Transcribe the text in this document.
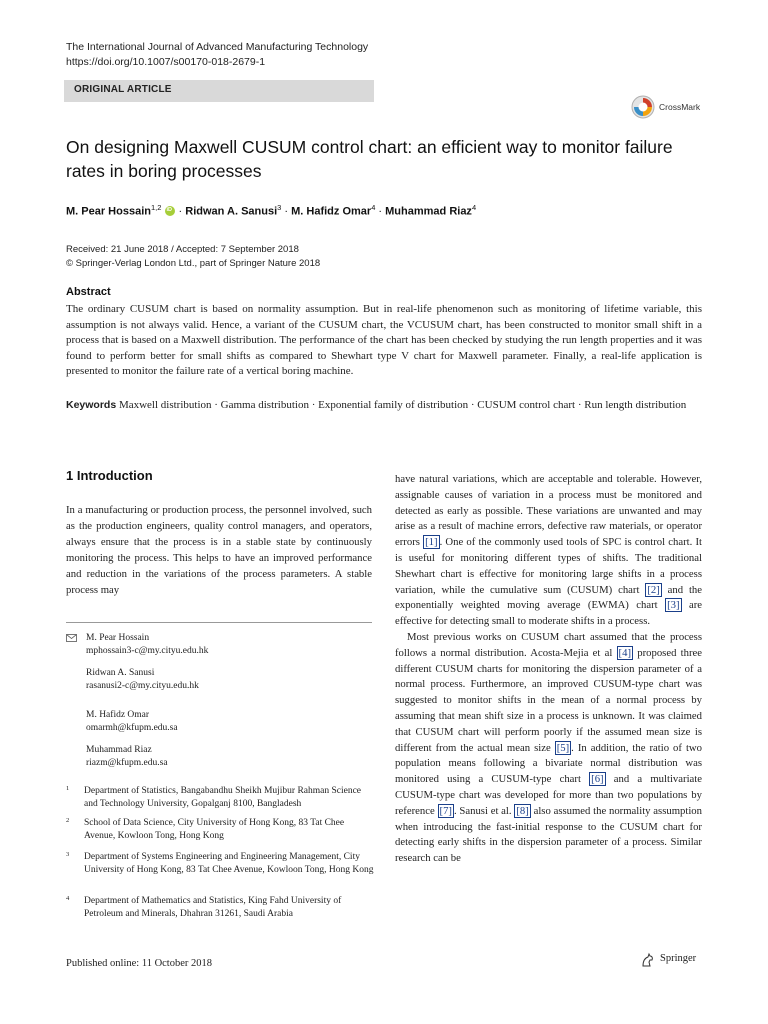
The International Journal of Advanced Manufacturing Technology
https://doi.org/10.1007/s00170-018-2679-1
ORIGINAL ARTICLE
CrossMark
On designing Maxwell CUSUM control chart: an efficient way to monitor failure rates in boring processes
M. Pear Hossain$^{1,2}$ iD · Ridwan A. Sanusi$^3$ · M. Hafidz Omar$^4$ · Muhammad Riaz$^4$
Received: 21 June 2018 / Accepted: 7 September 2018
© Springer-Verlag London Ltd., part of Springer Nature 2018
Abstract
The ordinary CUSUM chart is based on normality assumption. But in real-life phenomenon such as monitoring of lifetime variable, this assumption is not always valid. Hence, a variant of the CUSUM chart, the VCUSUM chart, has been constructed to monitor small shift in a process that is based on a Maxwell distribution. The performance of the chart has been checked by studying the run length properties and it was found to perform better for small shifts as compared to Shewhart type V chart for Maxwell parameter. Finally, a real-life application is presented to monitor the failure rate of a vertical boring machine.
Keywords Maxwell distribution · Gamma distribution · Exponential family of distribution · CUSUM control chart · Run length distribution
1 Introduction

In a manufacturing or production process, the personnel involved, such as the production engineers, quality control managers, and operators, always ensure that the process is in a stable state by continuously monitoring the process. This helps to have an improved performance and reduction in the variations of the process parameters. A stable process may

have natural variations, which are acceptable and tolerable. However, assignable causes of variation in a process must be monitored and detected as early as possible. These variations are unwanted and may arise as a result of machine errors, defective raw materials, or operator errors [1] . One of the commonly used tools of SPC is control chart. It is useful for monitoring different types of shifts. The traditional Shewhart chart is effective for monitoring large shifts in a process variation, while the cumulative sum (CUSUM) chart [2] and the exponentially weighted moving average (EWMA) chart [3] are effective for detecting small to moderate shifts in a process.

Most previous works on CUSUM chart assumed that the process follows a normal distribution. Acosta-Mejia et al [4] proposed three different CUSUM charts for monitoring the dispersion parameter of a normal process. Furthermore, an improved CUSUM-type chart was suggested to monitor shifts in the mean of a normal process by assuming that mean shift size in a process is unknown. It was claimed that CUSUM chart will perform poorly if the assumed mean size is different from the actual mean size [5] . In addition, the ratio of two population means following a bivariate normal distribution was monitored using a CUSUM-type chart [6] and a multivariate CUSUM-type chart was developed for more than two populations by reference [7] . Sanusi et al. [8] also assumed the normality assumption when introducing the fast-initial response to the CUSUM chart for detecting early shifts in the dispersion parameter of a process. Similar research can be

M. Pear Hossain
mphossain3-c@my.cityu.edu.hk
Ridwan A. Sanusi
rasanusi2-c@my.cityu.edu.hk
M. Hafidz Omar
omarmh@kfupm.edu.sa
Muhammad Riaz
riazm@kfupm.edu.sa
1 Department of Statistics, Bangabandhu Sheikh Mujibur Rahman Science and Technology University, Gopalganj 8100, Bangladesh
2 School of Data Science, City University of Hong Kong, 83 Tat Chee Avenue, Kowloon Tong, Hong Kong
3 Department of Systems Engineering and Engineering Management, City University of Hong Kong, 83 Tat Chee Avenue, Kowloon Tong, Hong Kong
4 Department of Mathematics and Statistics, King Fahd University of Petroleum and Minerals, Dhahran 31261, Saudi Arabia
Published online: 11 October 2018	Springer
